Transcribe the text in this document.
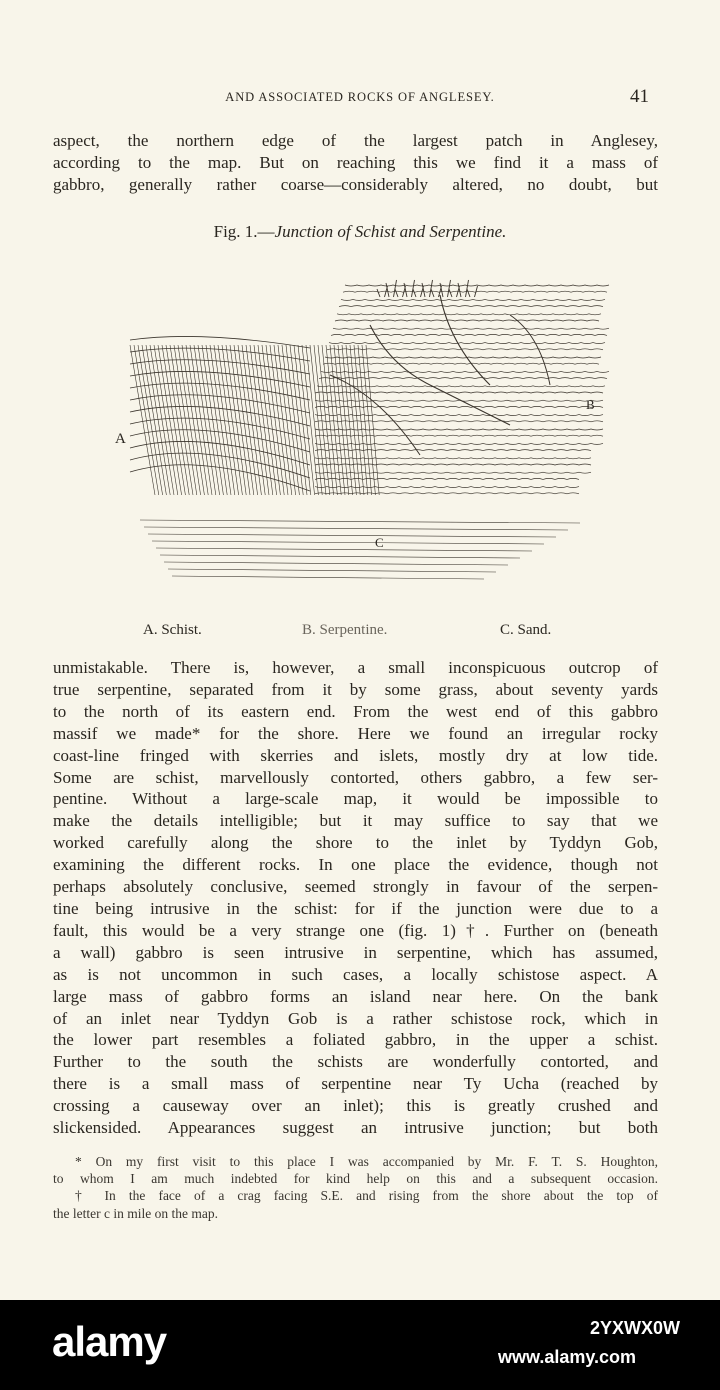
AND ASSOCIATED ROCKS OF ANGLESEY.	41

aspect, the northern edge of the largest patch in Anglesey,
according to the map. But on reaching this we find it a mass of
gabbro, generally rather coarse—considerably altered, no doubt, but

Fig. 1.—Junction of Schist and Serpentine.
A
B
C
A. Schist.	B. Serpentine.	C. Sand.

unmistakable. There is, however, a small inconspicuous outcrop of
true serpentine, separated from it by some grass, about seventy yards
to the north of its eastern end. From the west end of this gabbro
massif we made* for the shore. Here we found an irregular rocky
coast-line fringed with skerries and islets, mostly dry at low tide.
Some are schist, marvellously contorted, others gabbro, a few ser-
pentine. Without a large-scale map, it would be impossible to
make the details intelligible; but it may suffice to say that we
worked carefully along the shore to the inlet by Tyddyn Gob,
examining the different rocks. In one place the evidence, though not
perhaps absolutely conclusive, seemed strongly in favour of the serpen-
tine being intrusive in the schist: for if the junction were due to a
fault, this would be a very strange one (fig. 1)†. Further on (beneath
a wall) gabbro is seen intrusive in serpentine, which has assumed,
as is not uncommon in such cases, a locally schistose aspect. A
large mass of gabbro forms an island near here. On the bank
of an inlet near Tyddyn Gob is a rather schistose rock, which in
the lower part resembles a foliated gabbro, in the upper a schist.
Further to the south the schists are wonderfully contorted, and
there is a small mass of serpentine near Ty Ucha (reached by
crossing a causeway over an inlet); this is greatly crushed and
slickensided. Appearances suggest an intrusive junction; but both

* On my first visit to this place I was accompanied by Mr. F. T. S. Houghton,
to whom I am much indebted for kind help on this and a subsequent occasion.
† In the face of a crag facing S.E. and rising from the shore about the top of
the letter c in mile on the map.
alamy	2YXWX0W
www.alamy.com
